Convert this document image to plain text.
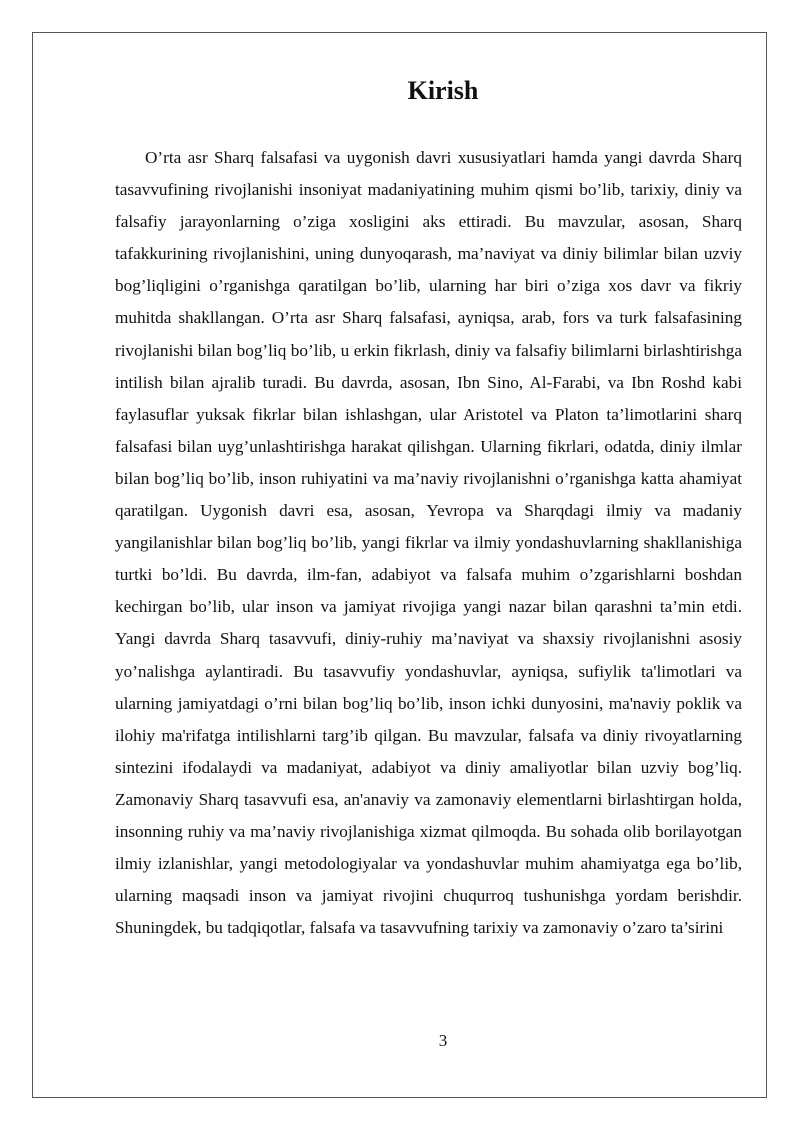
Kirish

O’rta asr Sharq falsafasi va uygonish davri xususiyatlari hamda yangi davrda Sharq tasavvufining rivojlanishi insoniyat madaniyatining muhim qismi bo’lib, tarixiy, diniy va falsafiy jarayonlarning o’ziga xosligini aks ettiradi. Bu mavzular, asosan, Sharq tafakkurining rivojlanishini, uning dunyoqarash, ma’naviyat va diniy bilimlar bilan uzviy bog’liqligini o’rganishga qaratilgan bo’lib, ularning har biri o’ziga xos davr va fikriy muhitda shakllangan. O’rta asr Sharq falsafasi, ayniqsa, arab, fors va turk falsafasining rivojlanishi bilan bog’liq bo’lib, u erkin fikrlash, diniy va falsafiy bilimlarni birlashtirishga intilish bilan ajralib turadi. Bu davrda, asosan, Ibn Sino, Al-Farabi, va Ibn Roshd kabi faylasuflar yuksak fikrlar bilan ishlashgan, ular Aristotel va Platon ta’limotlarini sharq falsafasi bilan uyg’unlashtirishga harakat qilishgan. Ularning fikrlari, odatda, diniy ilmlar bilan bog’liq bo’lib, inson ruhiyatini va ma’naviy rivojlanishni o’rganishga katta ahamiyat qaratilgan. Uygonish davri esa, asosan, Yevropa va Sharqdagi ilmiy va madaniy yangilanishlar bilan bog’liq bo’lib, yangi fikrlar va ilmiy yondashuvlarning shakllanishiga turtki bo’ldi. Bu davrda, ilm-fan, adabiyot va falsafa muhim o’zgarishlarni boshdan kechirgan bo’lib, ular inson va jamiyat rivojiga yangi nazar bilan qarashni ta’min etdi. Yangi davrda Sharq tasavvufi, diniy-ruhiy ma’naviyat va shaxsiy rivojlanishni asosiy yo’nalishga aylantiradi. Bu tasavvufiy yondashuvlar, ayniqsa, sufiylik ta'limotlari va ularning jamiyatdagi o’rni bilan bog’liq bo’lib, inson ichki dunyosini, ma'naviy poklik va ilohiy ma'rifatga intilishlarni targ’ib qilgan. Bu mavzular, falsafa va diniy rivoyatlarning sintezini ifodalaydi va madaniyat, adabiyot va diniy amaliyotlar bilan uzviy bog’liq. Zamonaviy Sharq tasavvufi esa, an'anaviy va zamonaviy elementlarni birlashtirgan holda, insonning ruhiy va ma’naviy rivojlanishiga xizmat qilmoqda. Bu sohada olib borilayotgan ilmiy izlanishlar, yangi metodologiyalar va yondashuvlar muhim ahamiyatga ega bo’lib, ularning maqsadi inson va jamiyat rivojini chuqurroq tushunishga yordam berishdir. Shuningdek, bu tadqiqotlar, falsafa va tasavvufning tarixiy va zamonaviy o’zaro ta’sirini

3
